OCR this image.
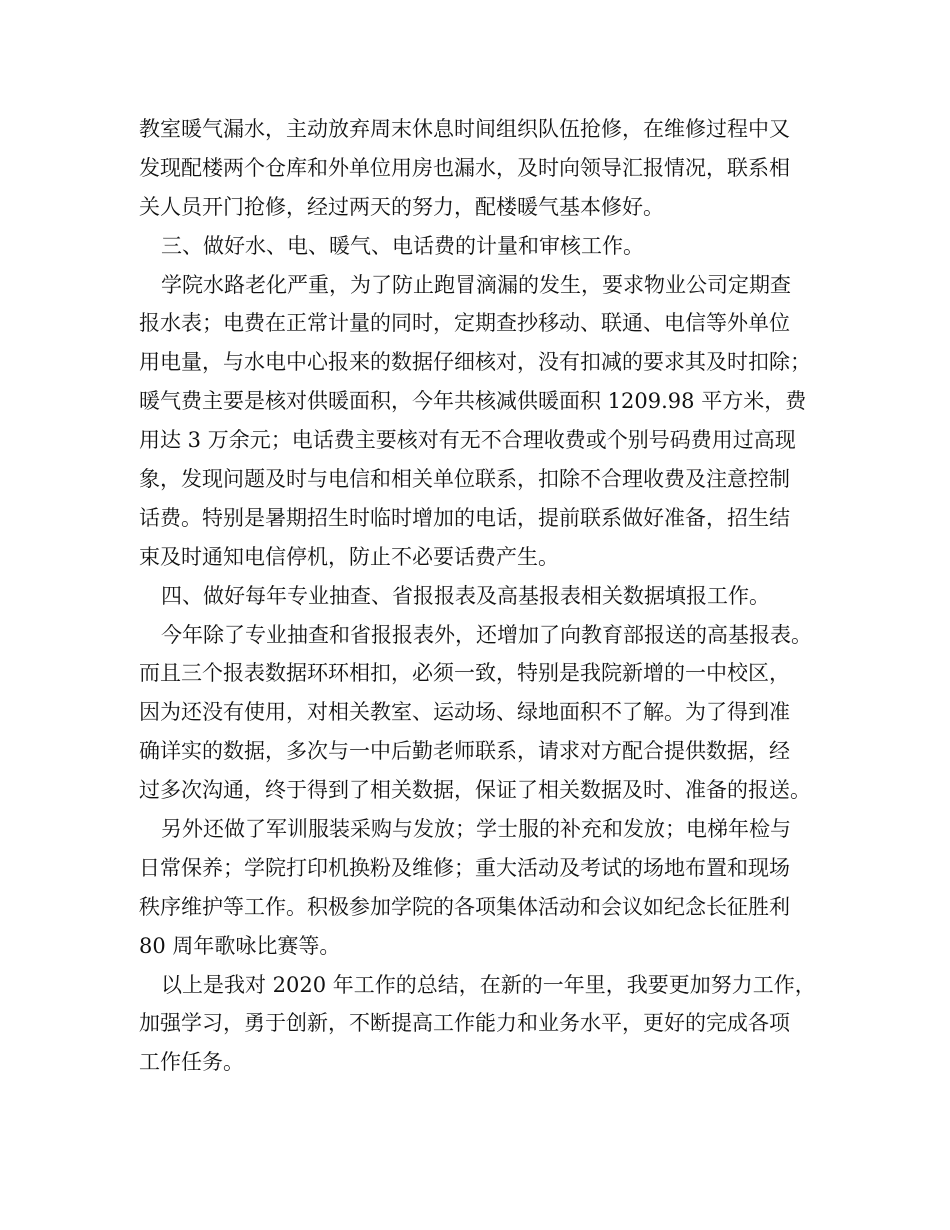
教室暖气漏水，主动放弃周末休息时间组织队伍抢修，在维修过程中又
发现配楼两个仓库和外单位用房也漏水，及时向领导汇报情况，联系相
关人员开门抢修，经过两天的努力，配楼暖气基本修好。
三、做好水、电、暖气、电话费的计量和审核工作。
学院水路老化严重，为了防止跑冒滴漏的发生，要求物业公司定期查
报水表；电费在正常计量的同时，定期查抄移动、联通、电信等外单位
用电量，与水电中心报来的数据仔细核对，没有扣减的要求其及时扣除；
暖气费主要是核对供暖面积，今年共核减供暖面积 1209.98 平方米，费
用达 3 万余元；电话费主要核对有无不合理收费或个别号码费用过高现
象，发现问题及时与电信和相关单位联系，扣除不合理收费及注意控制
话费。特别是暑期招生时临时增加的电话，提前联系做好准备，招生结
束及时通知电信停机，防止不必要话费产生。
四、做好每年专业抽查、省报报表及高基报表相关数据填报工作。
今年除了专业抽查和省报报表外，还增加了向教育部报送的高基报表。
而且三个报表数据环环相扣，必须一致，特别是我院新增的一中校区，
因为还没有使用，对相关教室、运动场、绿地面积不了解。为了得到准
确详实的数据，多次与一中后勤老师联系，请求对方配合提供数据，经
过多次沟通，终于得到了相关数据，保证了相关数据及时、准备的报送。
另外还做了军训服装采购与发放；学士服的补充和发放；电梯年检与
日常保养；学院打印机换粉及维修；重大活动及考试的场地布置和现场
秩序维护等工作。积极参加学院的各项集体活动和会议如纪念长征胜利
80 周年歌咏比赛等。
以上是我对 2020 年工作的总结，在新的一年里，我要更加努力工作，
加强学习，勇于创新，不断提高工作能力和业务水平，更好的完成各项
工作任务。
